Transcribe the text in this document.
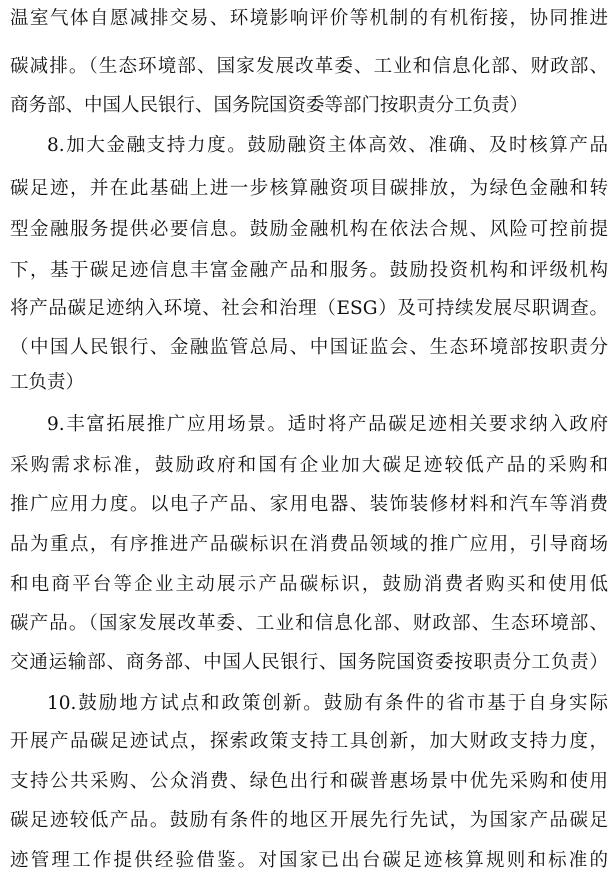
温室气体自愿减排交易、环境影响评价等机制的有机衔接，协同推进
碳减排。（生态环境部、国家发展改革委、工业和信息化部、财政部、
商务部、中国人民银行、国务院国资委等部门按职责分工负责）
8.加大金融支持力度。鼓励融资主体高效、准确、及时核算产品
碳足迹，并在此基础上进一步核算融资项目碳排放，为绿色金融和转
型金融服务提供必要信息。鼓励金融机构在依法合规、风险可控前提
下，基于碳足迹信息丰富金融产品和服务。鼓励投资机构和评级机构
将产品碳足迹纳入环境、社会和治理（ESG）及可持续发展尽职调查。
（中国人民银行、金融监管总局、中国证监会、生态环境部按职责分
工负责）
9.丰富拓展推广应用场景。适时将产品碳足迹相关要求纳入政府
采购需求标准，鼓励政府和国有企业加大碳足迹较低产品的采购和
推广应用力度。以电子产品、家用电器、装饰装修材料和汽车等消费
品为重点，有序推进产品碳标识在消费品领域的推广应用，引导商场
和电商平台等企业主动展示产品碳标识，鼓励消费者购买和使用低
碳产品。（国家发展改革委、工业和信息化部、财政部、生态环境部、
交通运输部、商务部、中国人民银行、国务院国资委按职责分工负责）
10.鼓励地方试点和政策创新。鼓励有条件的省市基于自身实际
开展产品碳足迹试点，探索政策支持工具创新，加大财政支持力度，
支持公共采购、公众消费、绿色出行和碳普惠场景中优先采购和使用
碳足迹较低产品。鼓励有条件的地区开展先行先试，为国家产品碳足
迹管理工作提供经验借鉴。对国家已出台碳足迹核算规则和标准的
